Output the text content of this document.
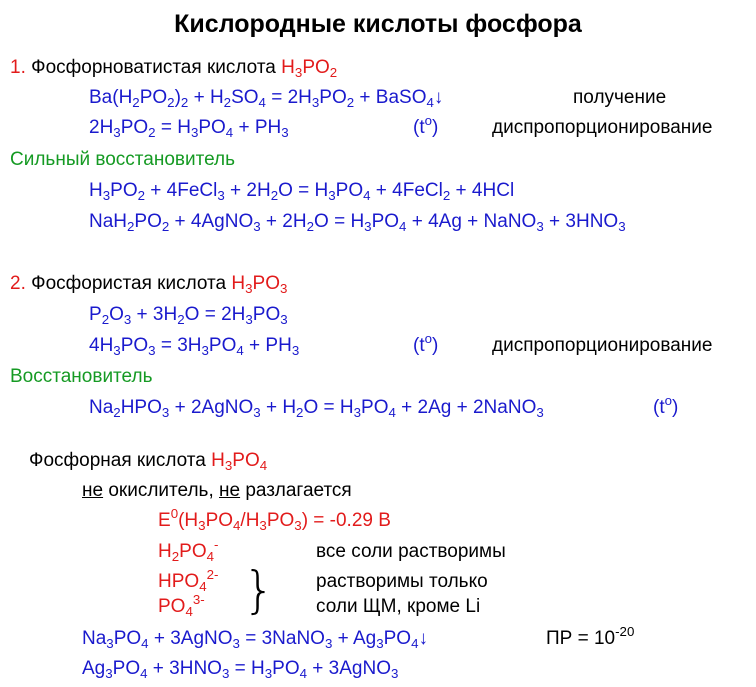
Кислородные кислоты фосфора
1. Фосфорноватистая кислота $H_3PO_2$
$Ba(H_2PO_2)_2 + H_2SO_4 = 2H_3PO_2$ + BaSO$_4$↓	получение
$2H_3PO_2 = H_3PO_4 + PH_3$	$(t^o)$	диспропорционирование
Сильный восстановитель
$H_3PO_2$ + 4FeCl$_3$ + $2H_2O = H_3PO_4$ + 4FeCl$_2$ + 4HCl
$NaH_2PO_2$ + 4AgNO$_3$ + $2H_2O = H_3PO_4 + 4Ag$ + NaNO$_3$ + $3HNO_3$
2. Фосфористая кислота $H_3PO_3$
$P_2O_3 + 3H_2O = 2H_3PO_3$
$4H_3PO_3 = 3H_3PO_4 + PH_3$	$(t^o)$	диспропорционирование
Восстановитель
$Na_2HPO_3$ + 2AgNO$_3$ + $H_2O = H_3PO_4 + 2Ag$ + 2NaNO$_3$	$(t^o)$
Фосфорная кислота $H_3PO_4$
не окислитель, не разлагается
$E^0(H_3PO_4/H_3PO_3) = -0.29$ В
$H_2PO_4^-$	все соли растворимы
$HPO_4^{2-}$
$PO_4^{3-}$ } растворимы только
соли ЩМ, кроме Li
$Na_3PO_4$ + 3AgNO$_3$ = 3NaNO$_3$ + $Ag_3PO_4↓$	ПР = $10^{-20}$
$Ag_3PO_4 + 3HNO_3 = H_3PO_4$ + 3AgNO$_3$
